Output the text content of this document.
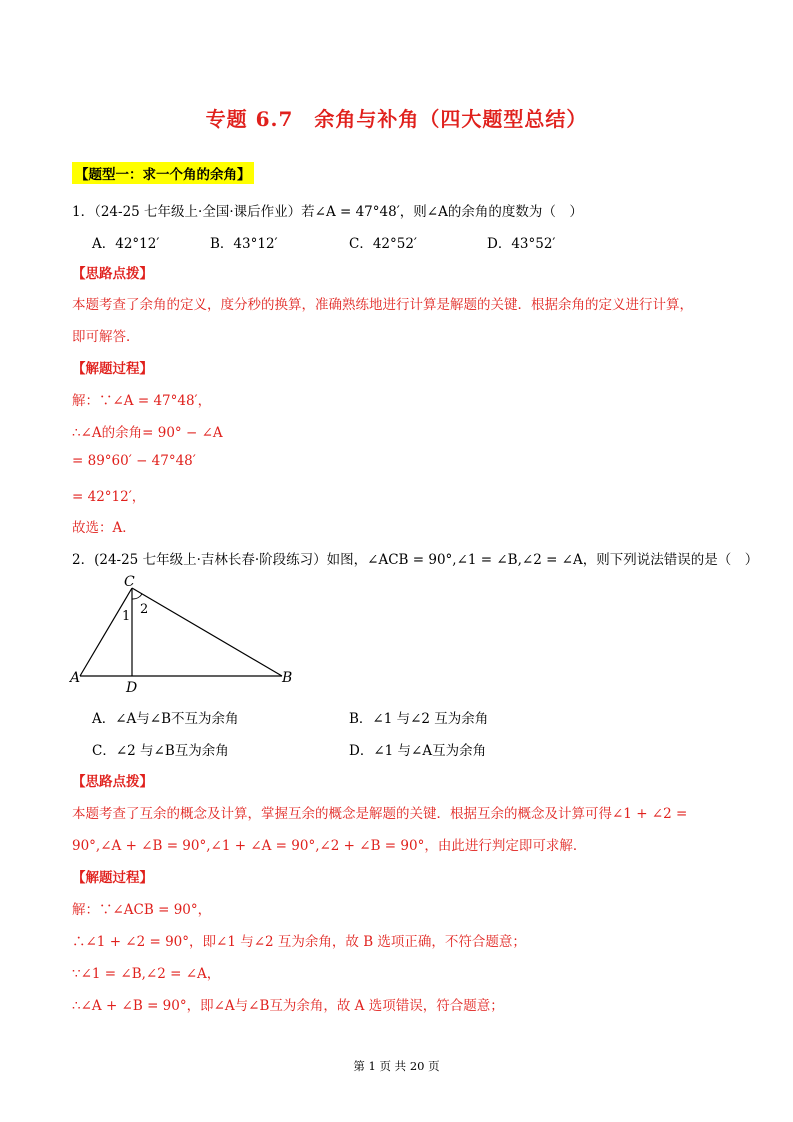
专题 6.7　余角与补角（四大题型总结）
【题型一：求一个角的余角】
1．（24-25 七年级上·全国·课后作业）若∠A = 47°48′，则∠A的余角的度数为（　）
A．42°12′	B．43°12′	C．42°52′	D．43°52′
【思路点拨】
本题考查了余角的定义，度分秒的换算，准确熟练地进行计算是解题的关键．根据余角的定义进行计算，
即可解答．
【解题过程】
解：∵∠A = 47°48′，
∴∠A的余角= 90° − ∠A
= 89°60′ − 47°48′
= 42°12′，
故选：A．
2．(24-25 七年级上·吉林长春·阶段练习）如图，∠ACB = 90°,∠1 = ∠B,∠2 = ∠A，则下列说法错误的是（　）
C
A	B
D
1 2
A．∠A与∠B不互为余角	B．∠1 与∠2 互为余角
C．∠2 与∠B互为余角	D．∠1 与∠A互为余角
【思路点拨】
本题考查了互余的概念及计算，掌握互余的概念是解题的关键．根据互余的概念及计算可得∠1 + ∠2 =
90°,∠A + ∠B = 90°,∠1 + ∠A = 90°,∠2 + ∠B = 90°，由此进行判定即可求解．
【解题过程】
解：∵∠ACB = 90°，
∴∠1 + ∠2 = 90°，即∠1 与∠2 互为余角，故 B 选项正确，不符合题意；
∵∠1 = ∠B,∠2 = ∠A，
∴∠A + ∠B = 90°，即∠A与∠B互为余角，故 A 选项错误，符合题意；
第 1 页 共 20 页
